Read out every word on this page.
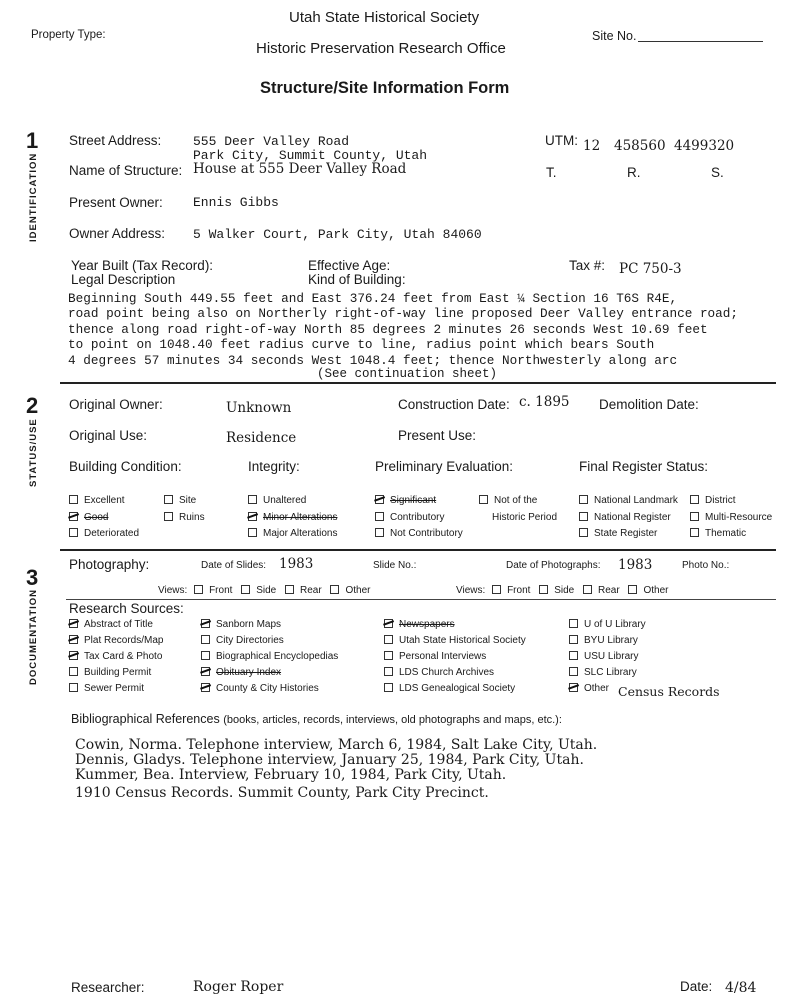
Utah State Historical Society
Property Type:	Site No.
Historic Preservation Research Office
Structure/Site Information Form
1
IDENTIFICATION
Street Address: 555 Deer Valley Road
Park City, Summit County, Utah
Name of Structure: House at 555 Deer Valley Road
UTM: 12 458560 4499320
T.	R.	S.
Present Owner: Ennis Gibbs
Owner Address: 5 Walker Court, Park City, Utah 84060
Year Built (Tax Record):	Effective Age:	Tax #: PC 750-3
Legal Description	Kind of Building:
Beginning South 449.55 feet and East 376.24 feet from East ¼ Section 16 T6S R4E,
road point being also on Northerly right-of-way line proposed Deer Valley entrance road;
thence along road right-of-way North 85 degrees 2 minutes 26 seconds West 10.69 feet
to point on 1048.40 feet radius curve to line, radius point which bears South
4 degrees 57 minutes 34 seconds West 1048.4 feet; thence Northwesterly along arc
(See continuation sheet)
2
STATUS/USE
Original Owner:	Unknown	Construction Date: c. 1895 Demolition Date:
Original Use:	Residence	Present Use:
Building Condition:	Integrity:	Preliminary Evaluation:	Final Register Status:
Excellent
Good
Deteriorated
Site
Ruins
Unaltered
Minor Alterations
Major Alterations
Significant
Contributory
Not Contributory
Not of the
Historic Period
National Landmark
National Register
State Register
District
Multi-Resource
Thematic
3
DOCUMENTATION
Photography:	Date of Slides: 1983	Slide No.:	Date of Photographs: 1983	Photo No.:
Views: Front Side Rear Other	Views: Front Side Rear Other
Research Sources:
Abstract of Title
Plat Records/Map
Tax Card & Photo
Building Permit
Sewer Permit
Sanborn Maps
City Directories
Biographical Encyclopedias
Obituary Index
County & City Histories
Newspapers
Utah State Historical Society
Personal Interviews
LDS Church Archives
LDS Genealogical Society
U of U Library
BYU Library
USU Library
SLC Library
Other Census Records
Bibliographical References (books, articles, records, interviews, old photographs and maps, etc.):
Cowin, Norma. Telephone interview, March 6, 1984, Salt Lake City, Utah.
Dennis, Gladys. Telephone interview, January 25, 1984, Park City, Utah.
Kummer, Bea. Interview, February 10, 1984, Park City, Utah.
1910 Census Records. Summit County, Park City Precinct.
Researcher:	Roger Roper	Date: 4/84
